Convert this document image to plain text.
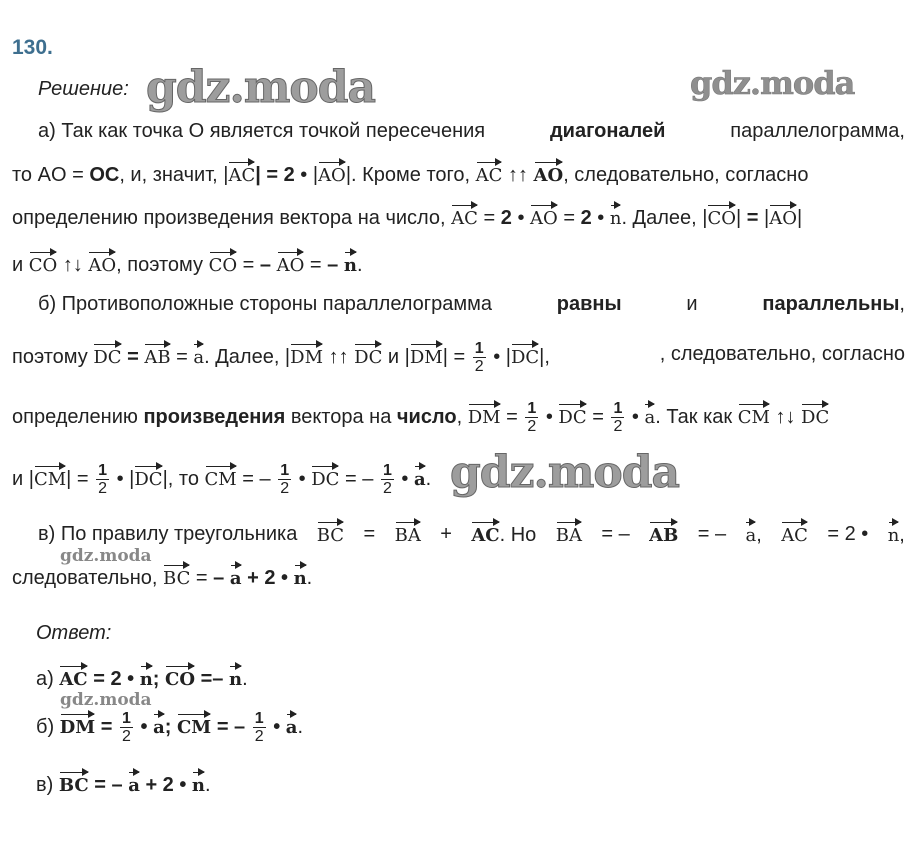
130.
Решение: gdz.moda	gdz.moda
gdz.moda
gdz.moda
gdz.moda
а) Так как точка O является точкой пересечения	диагоналей	параллелограмма,
то AO = OC, и, значит, |AC| = 2 • |AO|. Кроме того, AC ↑↑ AO, следовательно, согласно
определению произведения вектора на число, AC = 2 • AO = 2 • n. Далее, |CO| = |AO|
и CO ↑↓ AO, поэтому CO = – AO = – n.
б) Противоположные стороны параллелограмма	равны	и	параллельны,
поэтому DC = AB = a. Далее, |DM ↑↑ DC и $|DM| = \frac{1}{2}$ • |DC|,	, следовательно, согласно
определению произведения вектора на число, DM = $\frac{1}{2}$ • DC = $\frac{1}{2}$ • a. Так как CM ↑↓ DC
и $|CM| = \frac{1}{2}$ • |DC|, то CM = – $\frac{1}{2}$ • DC = – $\frac{1}{2}$ • a.
в) По правилу треугольника BC = BA + AC. Но BA = – AB = – a, AC = 2 • n,
следовательно, BC = – a + 2 • n.
Ответ:
а) AC = 2 • n; CO =– n.
б) DM = $\frac{1}{2}$ • a; CM = – $\frac{1}{2}$ • a.
в) BC = – a + 2 • n.
